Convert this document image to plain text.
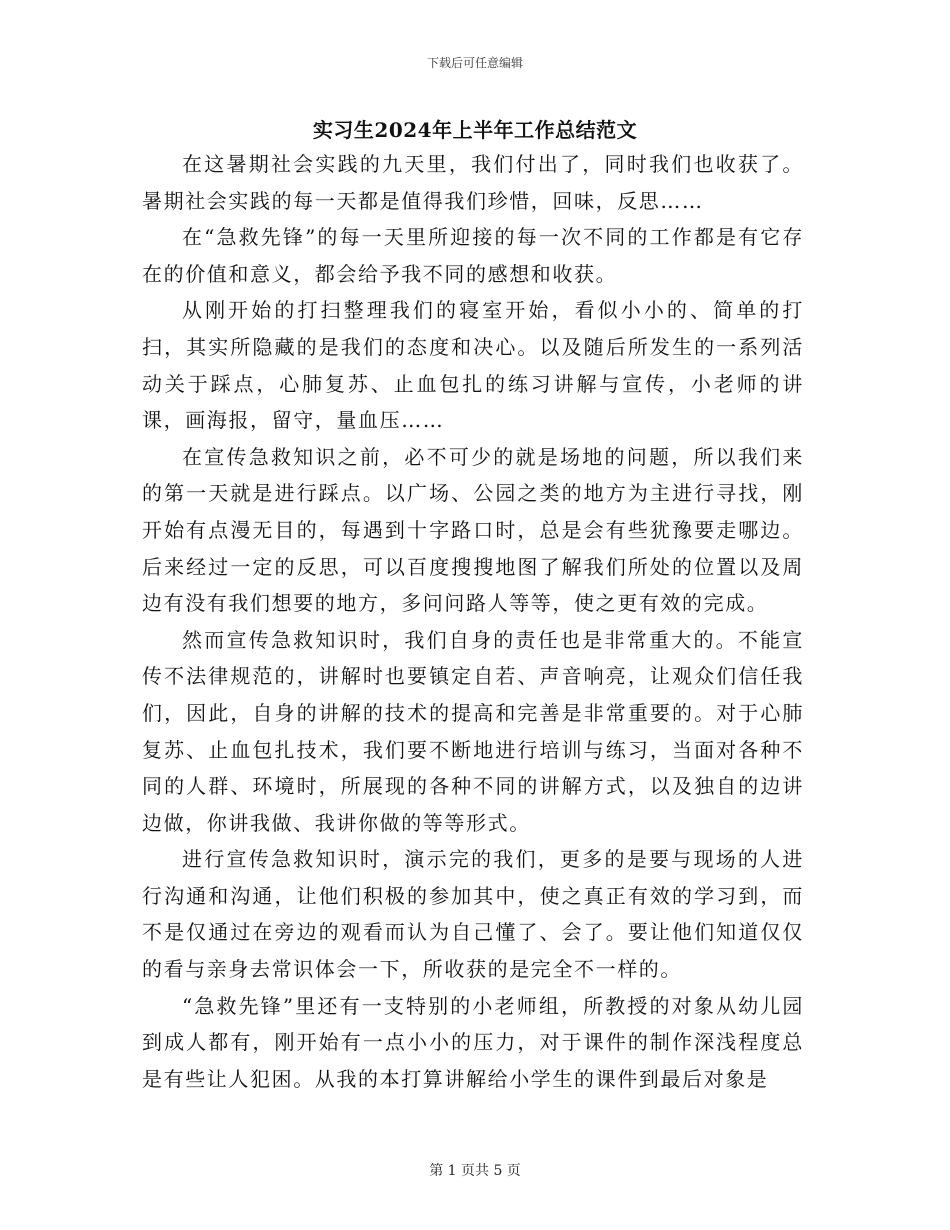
下载后可任意编辑
实习生2024年上半年工作总结范文

在这暑期社会实践的九天里，我们付出了，同时我们也收获了。暑期社会实践的每一天都是值得我们珍惜，回味，反思……

在“急救先锋”的每一天里所迎接的每一次不同的工作都是有它存在的价值和意义，都会给予我不同的感想和收获。

从刚开始的打扫整理我们的寝室开始，看似小小的、简单的打扫，其实所隐藏的是我们的态度和决心。以及随后所发生的一系列活动关于踩点，心肺复苏、止血包扎的练习讲解与宣传，小老师的讲课，画海报，留守，量血压……

在宣传急救知识之前，必不可少的就是场地的问题，所以我们来的第一天就是进行踩点。以广场、公园之类的地方为主进行寻找，刚开始有点漫无目的，每遇到十字路口时，总是会有些犹豫要走哪边。后来经过一定的反思，可以百度搜搜地图了解我们所处的位置以及周边有没有我们想要的地方，多问问路人等等，使之更有效的完成。

然而宣传急救知识时，我们自身的责任也是非常重大的。不能宣传不法律规范的，讲解时也要镇定自若、声音响亮，让观众们信任我们，因此，自身的讲解的技术的提高和完善是非常重要的。对于心肺复苏、止血包扎技术，我们要不断地进行培训与练习，当面对各种不同的人群、环境时，所展现的各种不同的讲解方式，以及独自的边讲边做，你讲我做、我讲你做的等等形式。

进行宣传急救知识时，演示完的我们，更多的是要与现场的人进行沟通和沟通，让他们积极的参加其中，使之真正有效的学习到，而不是仅通过在旁边的观看而认为自己懂了、会了。要让他们知道仅仅的看与亲身去常识体会一下，所收获的是完全不一样的。

“急救先锋”里还有一支特别的小老师组，所教授的对象从幼儿园到成人都有，刚开始有一点小小的压力，对于课件的制作深浅程度总是有些让人犯困。从我的本打算讲解给小学生的课件到最后对象是

第 1 页共 5 页
